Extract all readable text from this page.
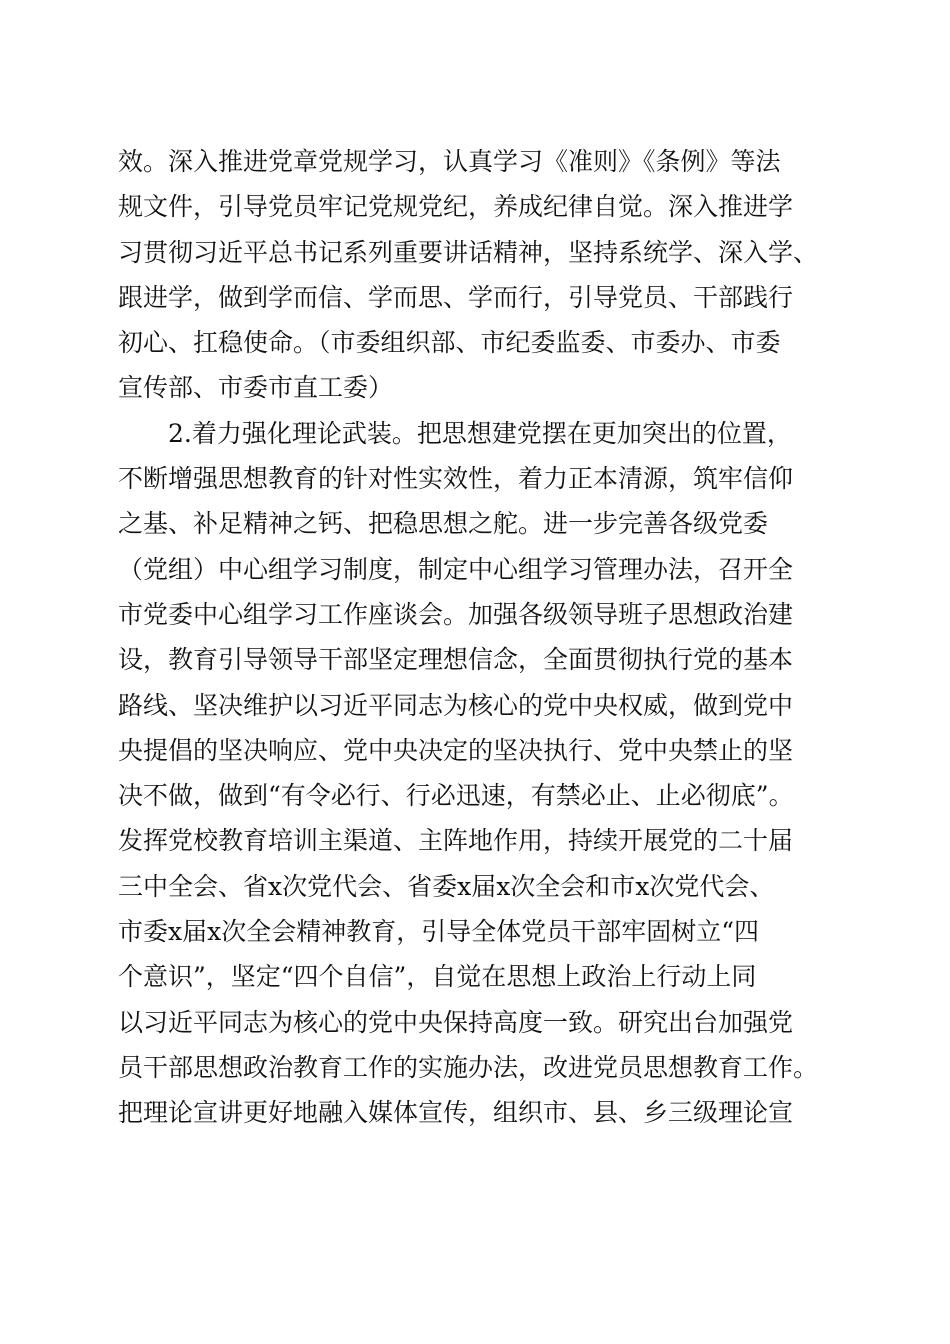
效。深入推进党章党规学习，认真学习《准则》《条例》等法
规文件，引导党员牢记党规党纪，养成纪律自觉。深入推进学
习贯彻习近平总书记系列重要讲话精神，坚持系统学、深入学、
跟进学，做到学而信、学而思、学而行，引导党员、干部践行
初心、扛稳使命。（市委组织部、市纪委监委、市委办、市委
宣传部、市委市直工委）
2.着力强化理论武装。把思想建党摆在更加突出的位置，
不断增强思想教育的针对性实效性，着力正本清源，筑牢信仰
之基、补足精神之钙、把稳思想之舵。进一步完善各级党委
（党组）中心组学习制度，制定中心组学习管理办法，召开全
市党委中心组学习工作座谈会。加强各级领导班子思想政治建
设，教育引导领导干部坚定理想信念，全面贯彻执行党的基本
路线、坚决维护以习近平同志为核心的党中央权威，做到党中
央提倡的坚决响应、党中央决定的坚决执行、党中央禁止的坚
决不做，做到“有令必行、行必迅速，有禁必止、止必彻底”。
发挥党校教育培训主渠道、主阵地作用，持续开展党的二十届
三中全会、省x次党代会、省委x届x次全会和市x次党代会、
市委x届x次全会精神教育，引导全体党员干部牢固树立“四
个意识”，坚定“四个自信”，自觉在思想上政治上行动上同
以习近平同志为核心的党中央保持高度一致。研究出台加强党
员干部思想政治教育工作的实施办法，改进党员思想教育工作。
把理论宣讲更好地融入媒体宣传，组织市、县、乡三级理论宣
